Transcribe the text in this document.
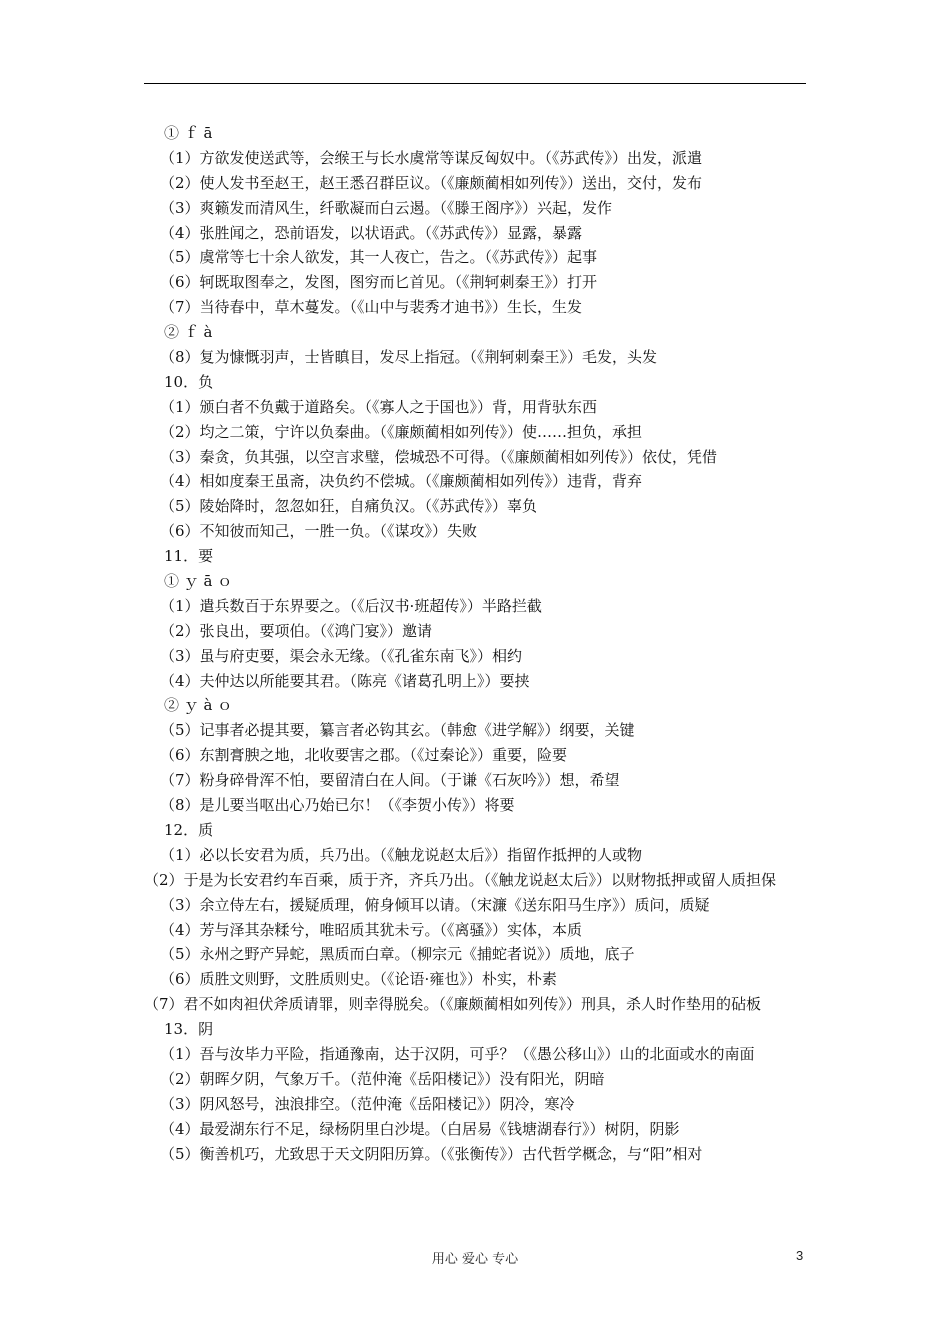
① ｆ ā
（1）方欲发使送武等，会缑王与长水虞常等谋反匈奴中。（《苏武传》）出发，派遣
（2）使人发书至赵王，赵王悉召群臣议。（《廉颇蔺相如列传》）送出，交付，发布
（3）爽籁发而清风生，纤歌凝而白云遏。（《滕王阁序》）兴起，发作
（4）张胜闻之，恐前语发，以状语武。（《苏武传》）显露，暴露
（5）虞常等七十余人欲发，其一人夜亡，告之。（《苏武传》）起事
（6）轲既取图奉之，发图，图穷而匕首见。（《荆轲刺秦王》）打开
（7）当待春中，草木蔓发。（《山中与裴秀才迪书》）生长，生发
② ｆ à
（8）复为慷慨羽声，士皆瞋目，发尽上指冠。（《荆轲刺秦王》）毛发，头发
10．负
（1）颁白者不负戴于道路矣。（《寡人之于国也》）背，用背驮东西
（2）均之二策，宁许以负秦曲。（《廉颇蔺相如列传》）使……担负，承担
（3）秦贪，负其强，以空言求璧，偿城恐不可得。（《廉颇蔺相如列传》）依仗，凭借
（4）相如度秦王虽斋，决负约不偿城。（《廉颇蔺相如列传》）违背，背弃
（5）陵始降时，忽忽如狂，自痛负汉。（《苏武传》）辜负
（6）不知彼而知己，一胜一负。（《谋攻》）失败
11．要
① ｙ ā ｏ
（1）遣兵数百于东界要之。（《后汉书·班超传》）半路拦截
（2）张良出，要项伯。（《鸿门宴》）邀请
（3）虽与府吏要，渠会永无缘。（《孔雀东南飞》）相约
（4）夫仲达以所能要其君。（陈亮《诸葛孔明上》）要挟
② ｙ à ｏ
（5）记事者必提其要，纂言者必钩其玄。（韩愈《进学解》）纲要，关键
（6）东割膏腴之地，北收要害之郡。（《过秦论》）重要，险要
（7）粉身碎骨浑不怕，要留清白在人间。（于谦《石灰吟》）想，希望
（8）是儿要当呕出心乃始已尔！（《李贺小传》）将要
12．质
（1）必以长安君为质，兵乃出。（《触龙说赵太后》）指留作抵押的人或物
（2）于是为长安君约车百乘，质于齐，齐兵乃出。（《触龙说赵太后》）以财物抵押或留人质担保
（3）余立侍左右，援疑质理，俯身倾耳以请。（宋濂《送东阳马生序》）质问，质疑
（4）芳与泽其杂糅兮，唯昭质其犹未亏。（《离骚》）实体，本质
（5）永州之野产异蛇，黑质而白章。（柳宗元《捕蛇者说》）质地，底子
（6）质胜文则野，文胜质则史。（《论语·雍也》）朴实，朴素
（7）君不如肉袒伏斧质请罪，则幸得脱矣。（《廉颇蔺相如列传》）刑具，杀人时作垫用的砧板
13．阴
（1）吾与汝毕力平险，指通豫南，达于汉阴，可乎？（《愚公移山》）山的北面或水的南面
（2）朝晖夕阴，气象万千。（范仲淹《岳阳楼记》）没有阳光，阴暗
（3）阴风怒号，浊浪排空。（范仲淹《岳阳楼记》）阴冷，寒冷
（4）最爱湖东行不足，绿杨阴里白沙堤。（白居易《钱塘湖春行》）树阴，阴影
（5）衡善机巧，尤致思于天文阴阳历算。（《张衡传》）古代哲学概念，与“阳”相对
用心 爱心 专心	3
